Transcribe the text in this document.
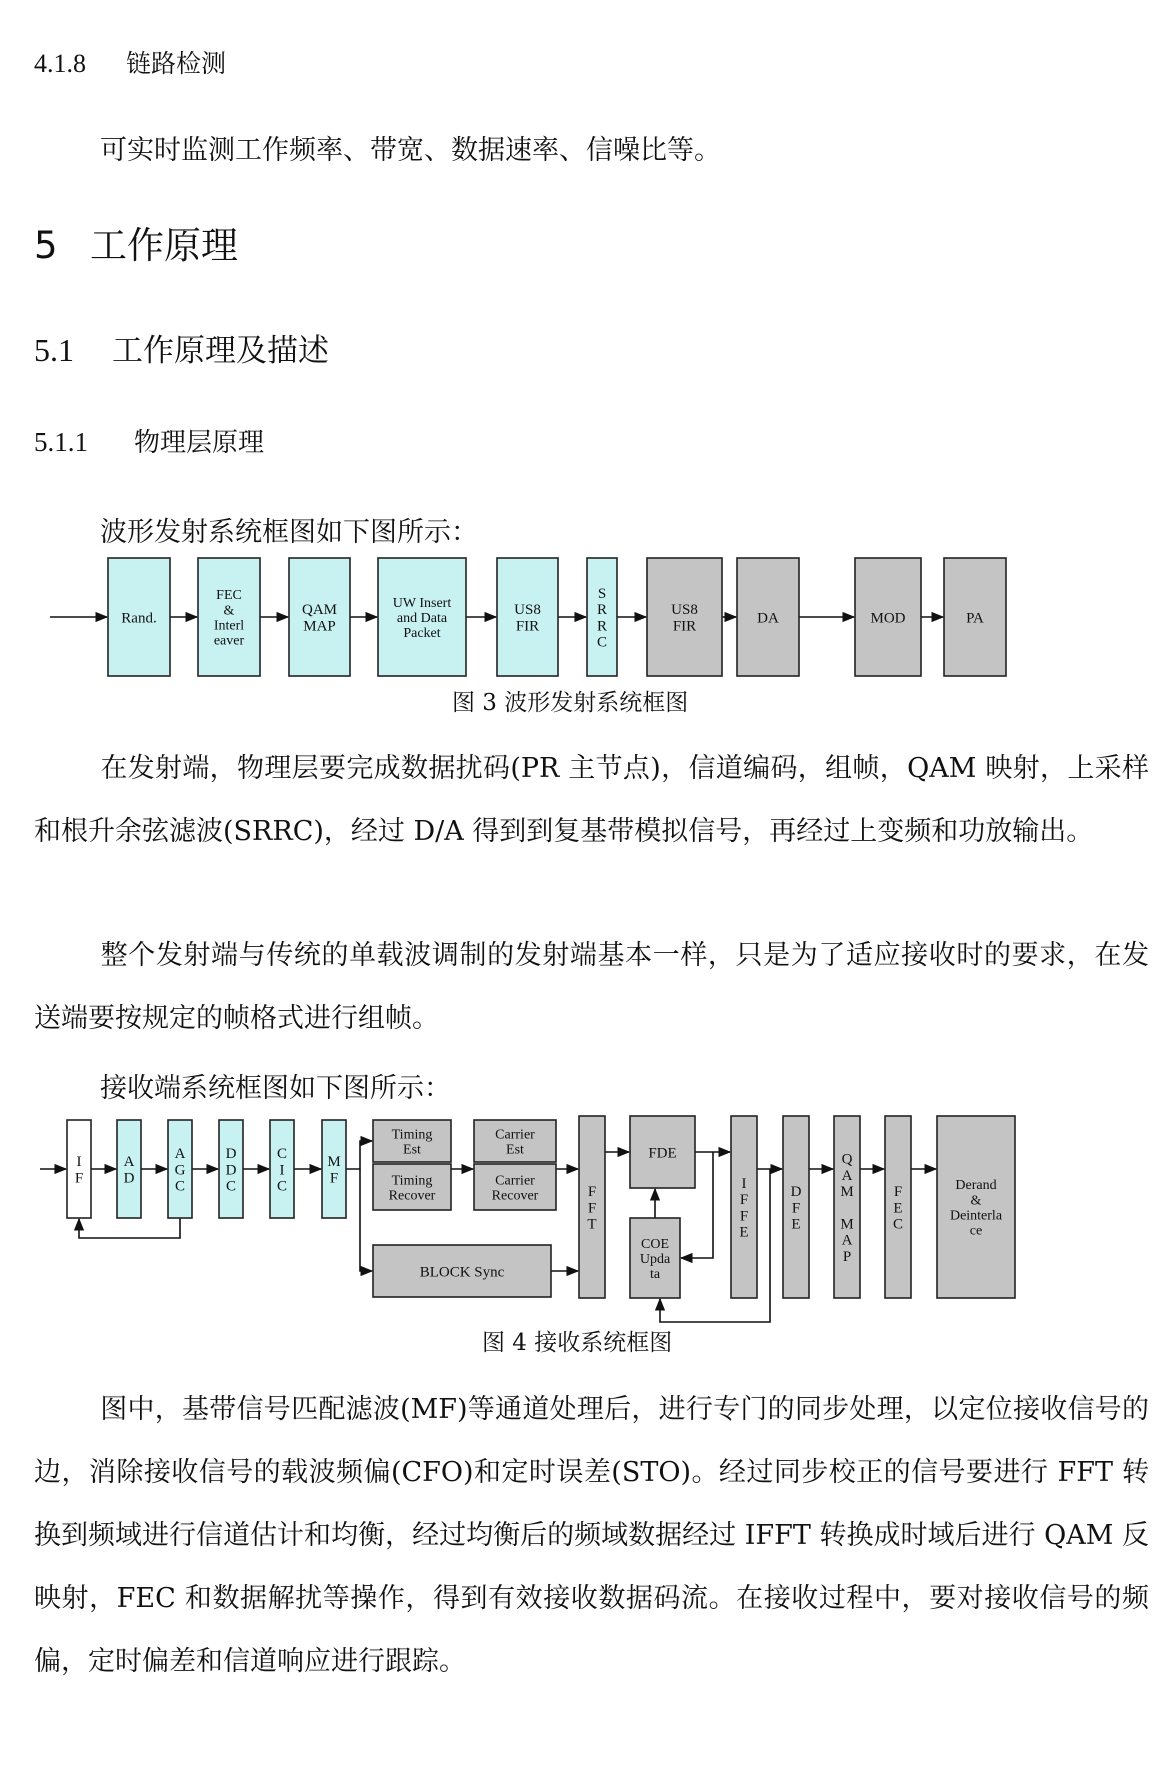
4.1.8 链路检测
可实时监测工作频率、带宽、数据速率、信噪比等。
5 工作原理
5.1 工作原理及描述
5.1.1 物理层原理
波形发射系统框图如下图所示：
Rand.
FEC
&
Interl
eaver
QAM
MAP
UW Insert
and Data
Packet
US8
FIR
S
R
R
C
US8
FIR
DA	MOD	PA
图 3 波形发射系统框图
在发射端，物理层要完成数据扰码(PR 主节点)，信道编码，组帧，QAM 映射，上采样和根升余弦滤波(SRRC)，经过 D/A 得到到复基带模拟信号，再经过上变频和功放输出。
整个发射端与传统的单载波调制的发射端基本一样，只是为了适应接收时的要求，在发送端要按规定的帧格式进行组帧。
接收端系统框图如下图所示：
I
F
A
D
A
G
C
D
D
C
C
I
C
M
F
Timing
Est
Timing
Recover
Carrier
Est
Carrier
Recover
BLOCK Sync
F
F
T
FDE
COE
Upda
ta
I
F
F
E
D
F
E
Q
A
M
M
A
P
F
E
C
Derand
&
Deinterla
ce
图 4 接收系统框图
图中，基带信号匹配滤波(MF)等通道处理后，进行专门的同步处理，以定位接收信号的边，消除接收信号的载波频偏(CFO)和定时误差(STO)。经过同步校正的信号要进行 FFT 转换到频域进行信道估计和均衡，经过均衡后的频域数据经过 IFFT 转换成时域后进行 QAM 反映射，FEC 和数据解扰等操作，得到有效接收数据码流。在接收过程中，要对接收信号的频偏，定时偏差和信道响应进行跟踪。
